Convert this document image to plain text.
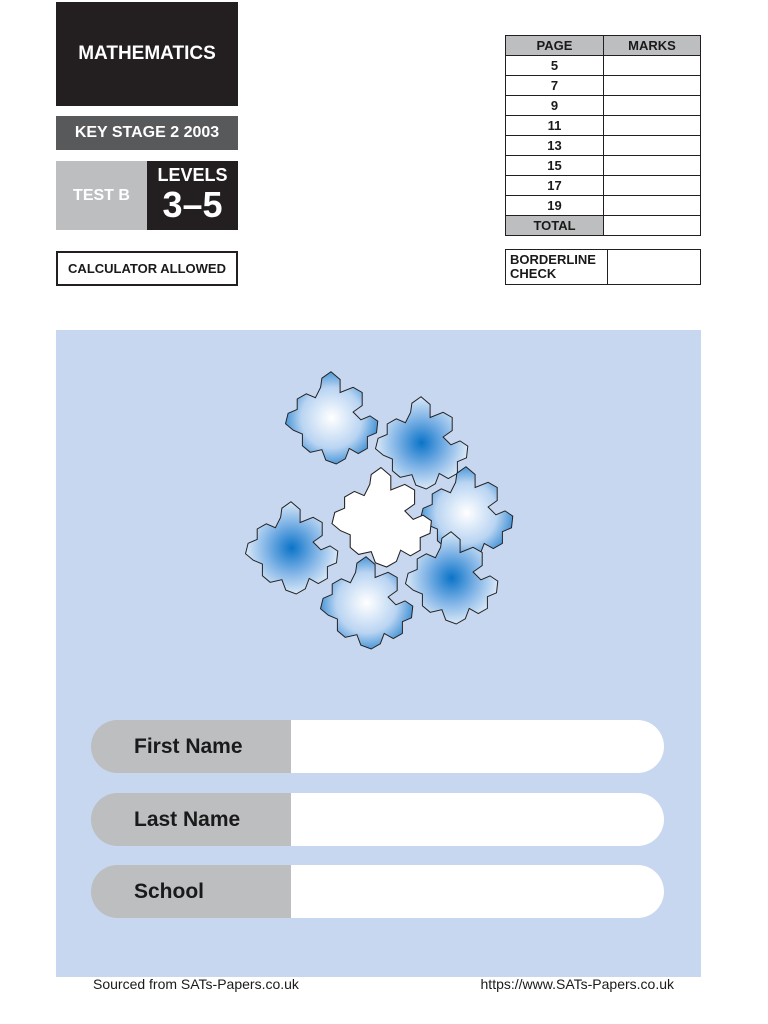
MATHEMATICS
KEY STAGE 2 2003
TEST B
LEVELS
3–5
CALCULATOR ALLOWED
PAGE	MARKS
5	
7	
9	
11	
13	
15	
17	
19	
TOTAL	
BORDERLINE
CHECK	
First Name
Last Name
School
Sourced from SATs-Papers.co.uk	https://www.SATs-Papers.co.uk
